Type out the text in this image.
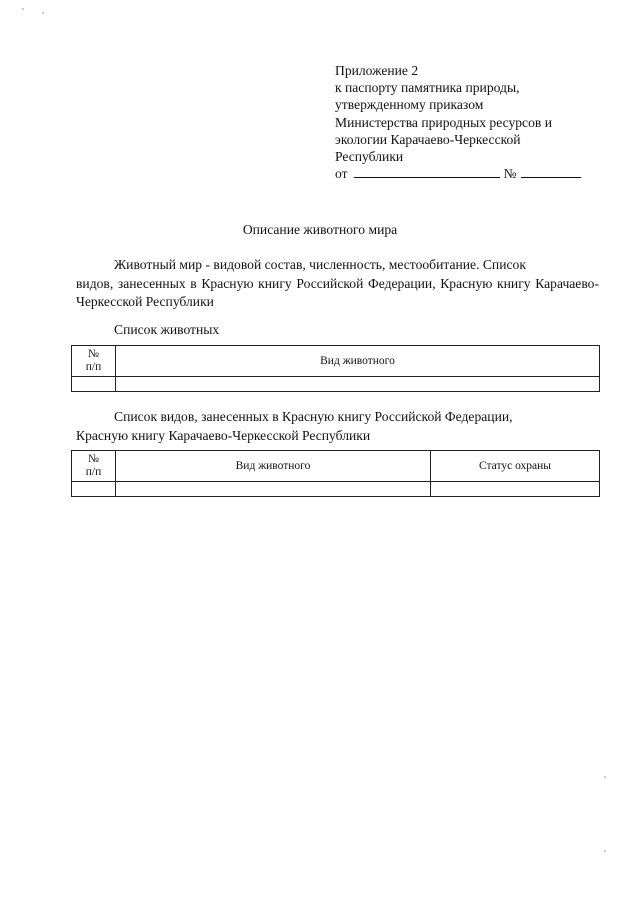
Приложение 2
к паспорту памятника природы,
утвержденному приказом
Министерства природных ресурсов и
экологии Карачаево-Черкесской
Республики
от	№
Описание животного мира
Животный мир - видовой состав, численность, местообитание. Список
видов, занесенных в Красную книгу Российской Федерации, Красную книгу Карачаево-Черкесской Республики
Список животных
№
п/п	Вид животного

Список видов, занесенных в Красную книгу Российской Федерации,
Красную книгу Карачаево-Черкесской Республики
№
п/п	Вид животного	Статус охраны
